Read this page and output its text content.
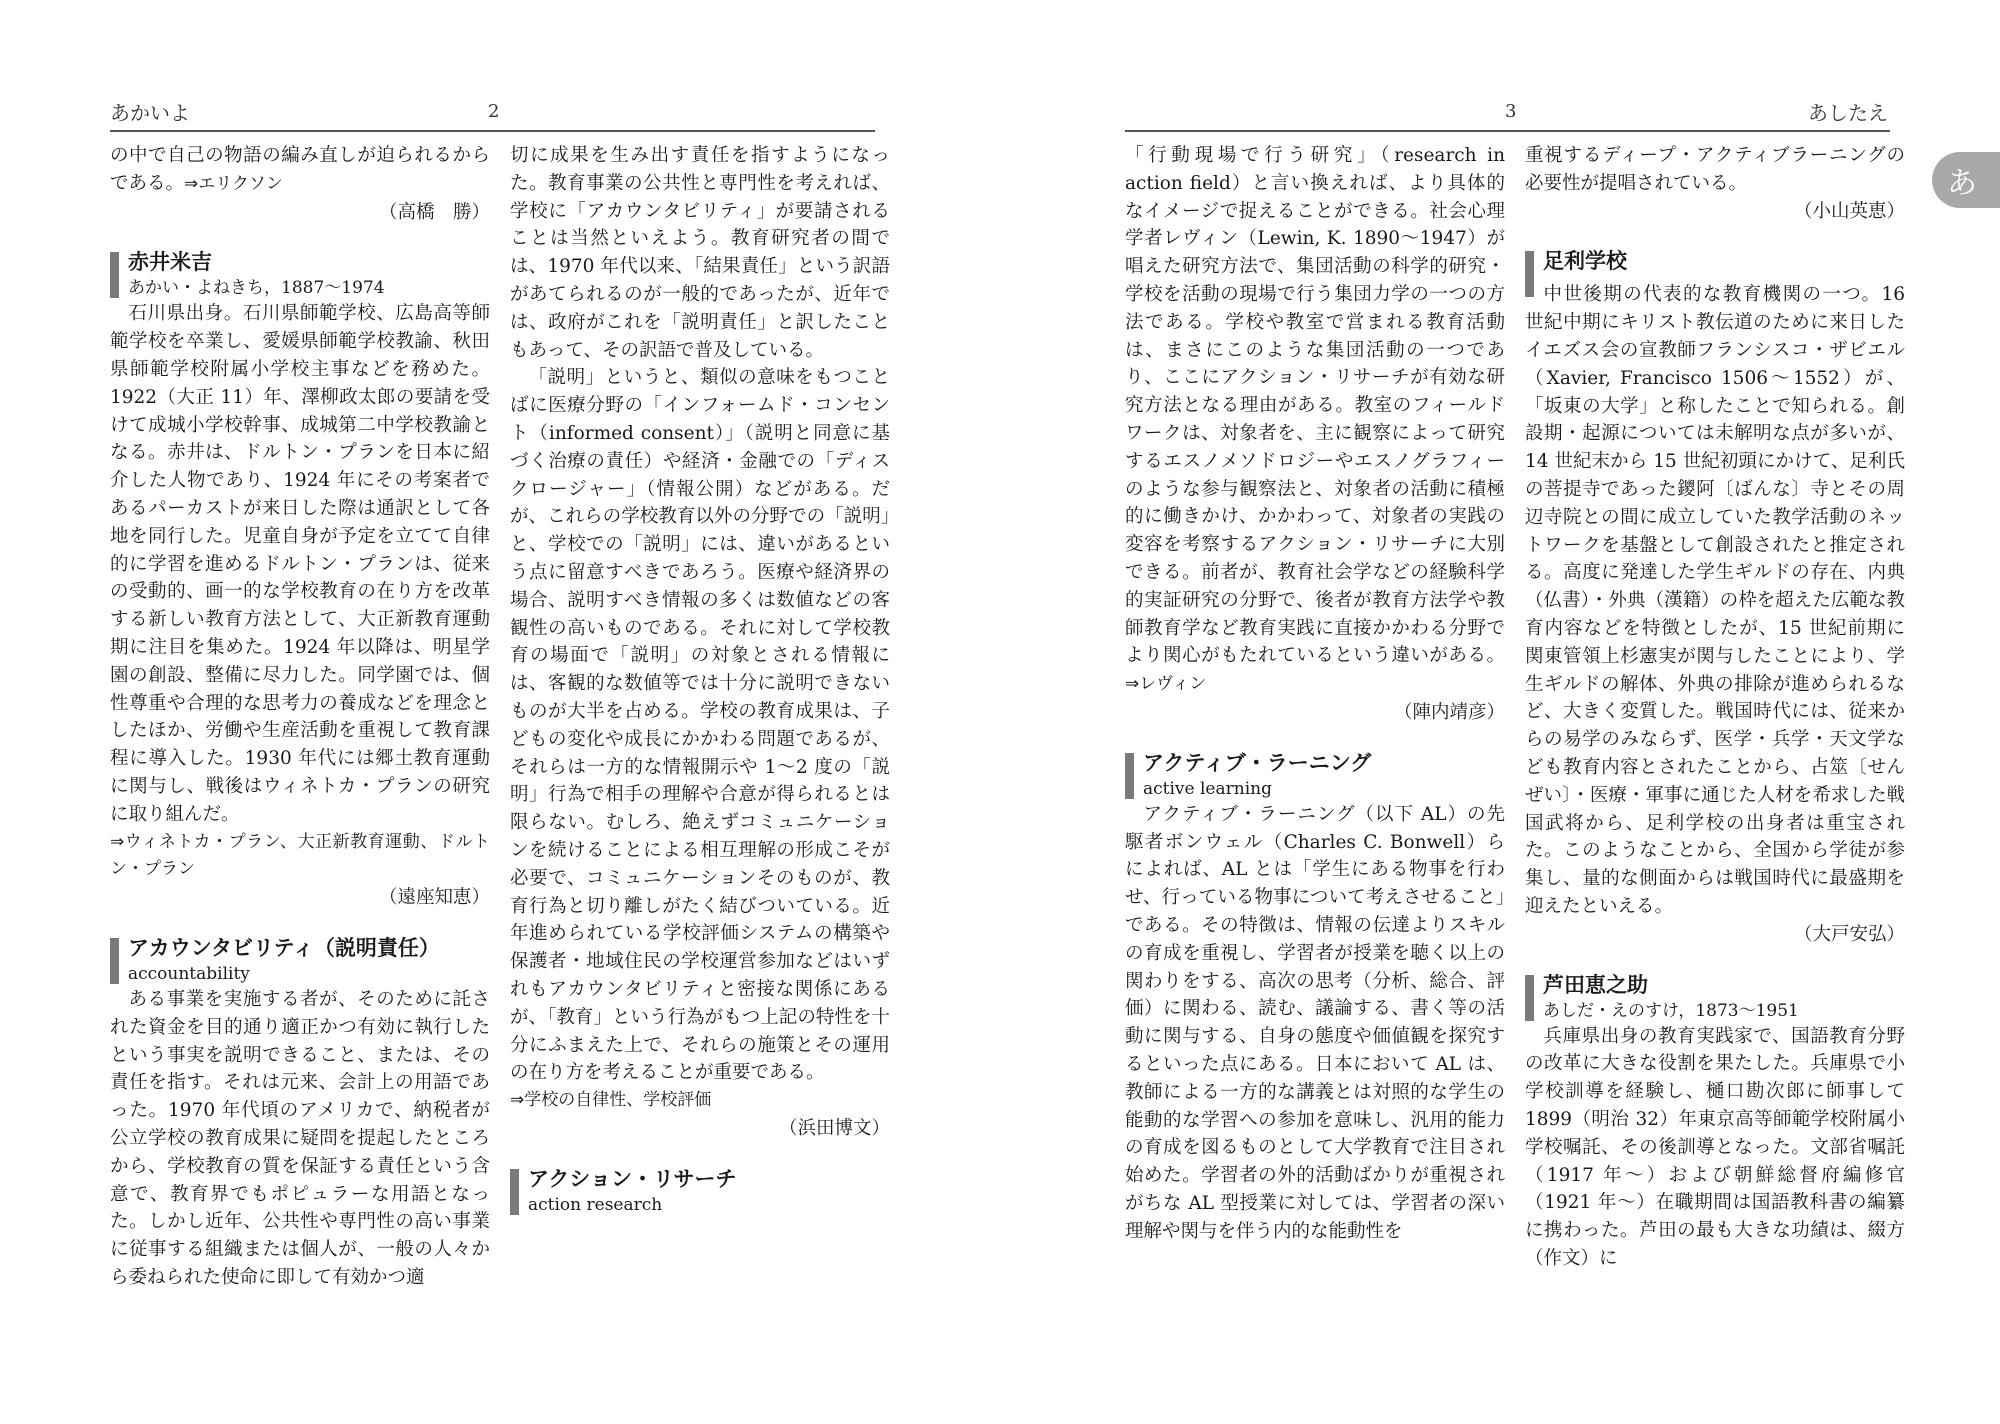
あかいよ	2

の中で自己の物語の編み直しが迫られるからである。⇒エリクソン

（高橋　勝）
赤井米吉
あかい・よねきち，1887〜1974

石川県出身。石川県師範学校、広島高等師範学校を卒業し、愛媛県師範学校教諭、秋田県師範学校附属小学校主事などを務めた。1922（大正 11）年、澤柳政太郎の要請を受けて成城小学校幹事、成城第二中学校教諭となる。赤井は、ドルトン・プランを日本に紹介した人物であり、1924 年にその考案者であるパーカストが来日した際は通訳として各地を同行した。児童自身が予定を立てて自律的に学習を進めるドルトン・プランは、従来の受動的、画一的な学校教育の在り方を改革する新しい教育方法として、大正新教育運動期に注目を集めた。1924 年以降は、明星学園の創設、整備に尽力した。同学園では、個性尊重や合理的な思考力の養成などを理念としたほか、労働や生産活動を重視して教育課程に導入した。1930 年代には郷土教育運動に関与し、戦後はウィネトカ・プランの研究に取り組んだ。

⇒ウィネトカ・プラン、大正新教育運動、ドルトン・プラン

（遠座知恵）
アカウンタビリティ（説明責任）
accountability

ある事業を実施する者が、そのために託された資金を目的通り適正かつ有効に執行したという事実を説明できること、または、その責任を指す。それは元来、会計上の用語であった。1970 年代頃のアメリカで、納税者が公立学校の教育成果に疑問を提起したところから、学校教育の質を保証する責任という含意で、教育界でもポピュラーな用語となった。しかし近年、公共性や専門性の高い事業に従事する組織または個人が、一般の人々から委ねられた使命に即して有効かつ適

切に成果を生み出す責任を指すようになった。教育事業の公共性と専門性を考えれば、学校に「アカウンタビリティ」が要請されることは当然といえよう。教育研究者の間では、1970 年代以来、「結果責任」という訳語があてられるのが一般的であったが、近年では、政府がこれを「説明責任」と訳したこともあって、その訳語で普及している。

「説明」というと、類似の意味をもつことばに医療分野の「インフォームド・コンセント（informed consent）」（説明と同意に基づく治療の責任）や経済・金融での「ディスクロージャー」（情報公開）などがある。だが、これらの学校教育以外の分野での「説明」と、学校での「説明」には、違いがあるという点に留意すべきであろう。医療や経済界の場合、説明すべき情報の多くは数値などの客観性の高いものである。それに対して学校教育の場面で「説明」の対象とされる情報には、客観的な数値等では十分に説明できないものが大半を占める。学校の教育成果は、子どもの変化や成長にかかわる問題であるが、それらは一方的な情報開示や 1〜2 度の「説明」行為で相手の理解や合意が得られるとは限らない。むしろ、絶えずコミュニケーションを続けることによる相互理解の形成こそが必要で、コミュニケーションそのものが、教育行為と切り離しがたく結びついている。近年進められている学校評価システムの構築や保護者・地域住民の学校運営参加などはいずれもアカウンタビリティと密接な関係にあるが、「教育」という行為がもつ上記の特性を十分にふまえた上で、それらの施策とその運用の在り方を考えることが重要である。

⇒学校の自律性、学校評価

（浜田博文）
アクション・リサーチ
action research
3	あしたえ
あ

「行動現場で行う研究」（research in action field）と言い換えれば、より具体的なイメージで捉えることができる。社会心理学者レヴィン（Lewin, K. 1890〜1947）が唱えた研究方法で、集団活動の科学的研究・学校を活動の現場で行う集団力学の一つの方法である。学校や教室で営まれる教育活動は、まさにこのような集団活動の一つであり、ここにアクション・リサーチが有効な研究方法となる理由がある。教室のフィールドワークは、対象者を、主に観察によって研究するエスノメソドロジーやエスノグラフィーのような参与観察法と、対象者の活動に積極的に働きかけ、かかわって、対象者の実践の変容を考察するアクション・リサーチに大別できる。前者が、教育社会学などの経験科学的実証研究の分野で、後者が教育方法学や教師教育学など教育実践に直接かかわる分野でより関心がもたれているという違いがある。⇒レヴィン

（陣内靖彦）
アクティブ・ラーニング
active learning

アクティブ・ラーニング（以下 AL）の先駆者ボンウェル（Charles C. Bonwell）らによれば、AL とは「学生にある物事を行わせ、行っている物事について考えさせること」である。その特徴は、情報の伝達よりスキルの育成を重視し、学習者が授業を聴く以上の関わりをする、高次の思考（分析、総合、評価）に関わる、読む、議論する、書く等の活動に関与する、自身の態度や価値観を探究するといった点にある。日本において AL は、教師による一方的な講義とは対照的な学生の能動的な学習への参加を意味し、汎用的能力の育成を図るものとして大学教育で注目され始めた。学習者の外的活動ばかりが重視されがちな AL 型授業に対しては、学習者の深い理解や関与を伴う内的な能動性を

重視するディープ・アクティブラーニングの必要性が提唱されている。

（小山英恵）
足利学校

中世後期の代表的な教育機関の一つ。16 世紀中期にキリスト教伝道のために来日したイエズス会の宣教師フランシスコ・ザビエル（Xavier, Francisco 1506〜1552）が、「坂東の大学」と称したことで知られる。創設期・起源については未解明な点が多いが、14 世紀末から 15 世紀初頭にかけて、足利氏の菩提寺であった鑁阿〔ばんな〕寺とその周辺寺院との間に成立していた教学活動のネットワークを基盤として創設されたと推定される。高度に発達した学生ギルドの存在、内典（仏書）・外典（漢籍）の枠を超えた広範な教育内容などを特徴としたが、15 世紀前期に関東管領上杉憲実が関与したことにより、学生ギルドの解体、外典の排除が進められるなど、大きく変質した。戦国時代には、従来からの易学のみならず、医学・兵学・天文学なども教育内容とされたことから、占筮〔せんぜい〕・医療・軍事に通じた人材を希求した戦国武将から、足利学校の出身者は重宝された。このようなことから、全国から学徒が参集し、量的な側面からは戦国時代に最盛期を迎えたといえる。

（大戸安弘）
芦田恵之助
あしだ・えのすけ，1873〜1951

兵庫県出身の教育実践家で、国語教育分野の改革に大きな役割を果たした。兵庫県で小学校訓導を経験し、樋口勘次郎に師事して 1899（明治 32）年東京高等師範学校附属小学校嘱託、その後訓導となった。文部省嘱託（1917 年〜）および朝鮮総督府編修官（1921 年〜）在職期間は国語教科書の編纂に携わった。芦田の最も大きな功績は、綴方（作文）に
